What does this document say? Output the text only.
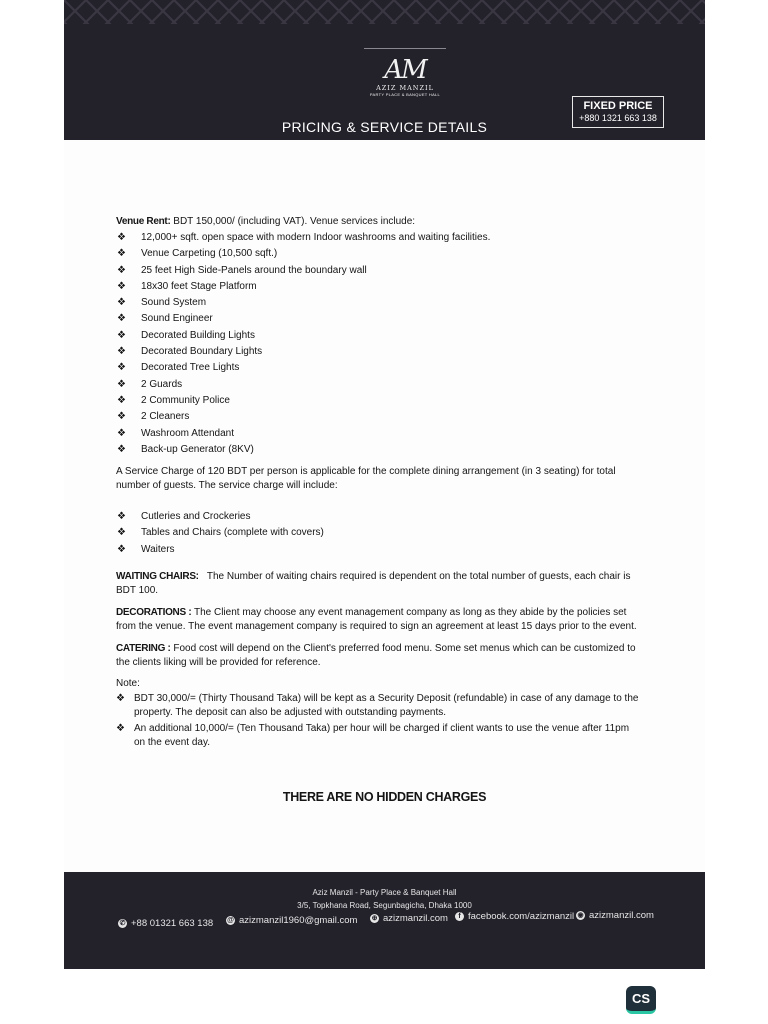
AM
AZIZ MANZIL
PARTY PLACE & BANQUET HALL
PRICING & SERVICE DETAILS
FIXED PRICE
+880 1321 663 138

Venue Rent: BDT 150,000/ (including VAT). Venue services include:

❖ 12,000+ sqft. open space with modern Indoor washrooms and waiting facilities.
❖ Venue Carpeting (10,500 sqft.)
❖ 25 feet High Side-Panels around the boundary wall
❖ 18x30 feet Stage Platform
❖ Sound System
❖ Sound Engineer
❖ Decorated Building Lights
❖ Decorated Boundary Lights
❖ Decorated Tree Lights
❖ 2 Guards
❖ 2 Community Police
❖ 2 Cleaners
❖ Washroom Attendant
❖ Back-up Generator (8KV)

A Service Charge of 120 BDT per person is applicable for the complete dining arrangement (in 3 seating) for total number of guests. The service charge will include:

❖ Cutleries and Crockeries
❖ Tables and Chairs (complete with covers)
❖ Waiters

WAITING CHAIRS: The Number of waiting chairs required is dependent on the total number of guests, each chair is BDT 100.

DECORATIONS : The Client may choose any event management company as long as they abide by the policies set from the venue. The event management company is required to sign an agreement at least 15 days prior to the event.

CATERING : Food cost will depend on the Client's preferred food menu. Some set menus which can be customized to the clients liking will be provided for reference.

Note:

❖ BDT 30,000/= (Thirty Thousand Taka) will be kept as a Security Deposit (refundable) in case of any damage to the property. The deposit can also be adjusted with outstanding payments.
❖ An additional 10,000/= (Ten Thousand Taka) per hour will be charged if client wants to use the venue after 11pm on the event day.
THERE ARE NO HIDDEN CHARGES
Aziz Manzil - Party Place & Banquet Hall
3/5, Topkhana Road, Segunbagicha, Dhaka 1000
✆ +88 01321 663 138 @ azizmanzil1960@gmail.com ⊕ azizmanzil.com	f facebook.com/azizmanzil ◉ azizmanzil.com
CS
